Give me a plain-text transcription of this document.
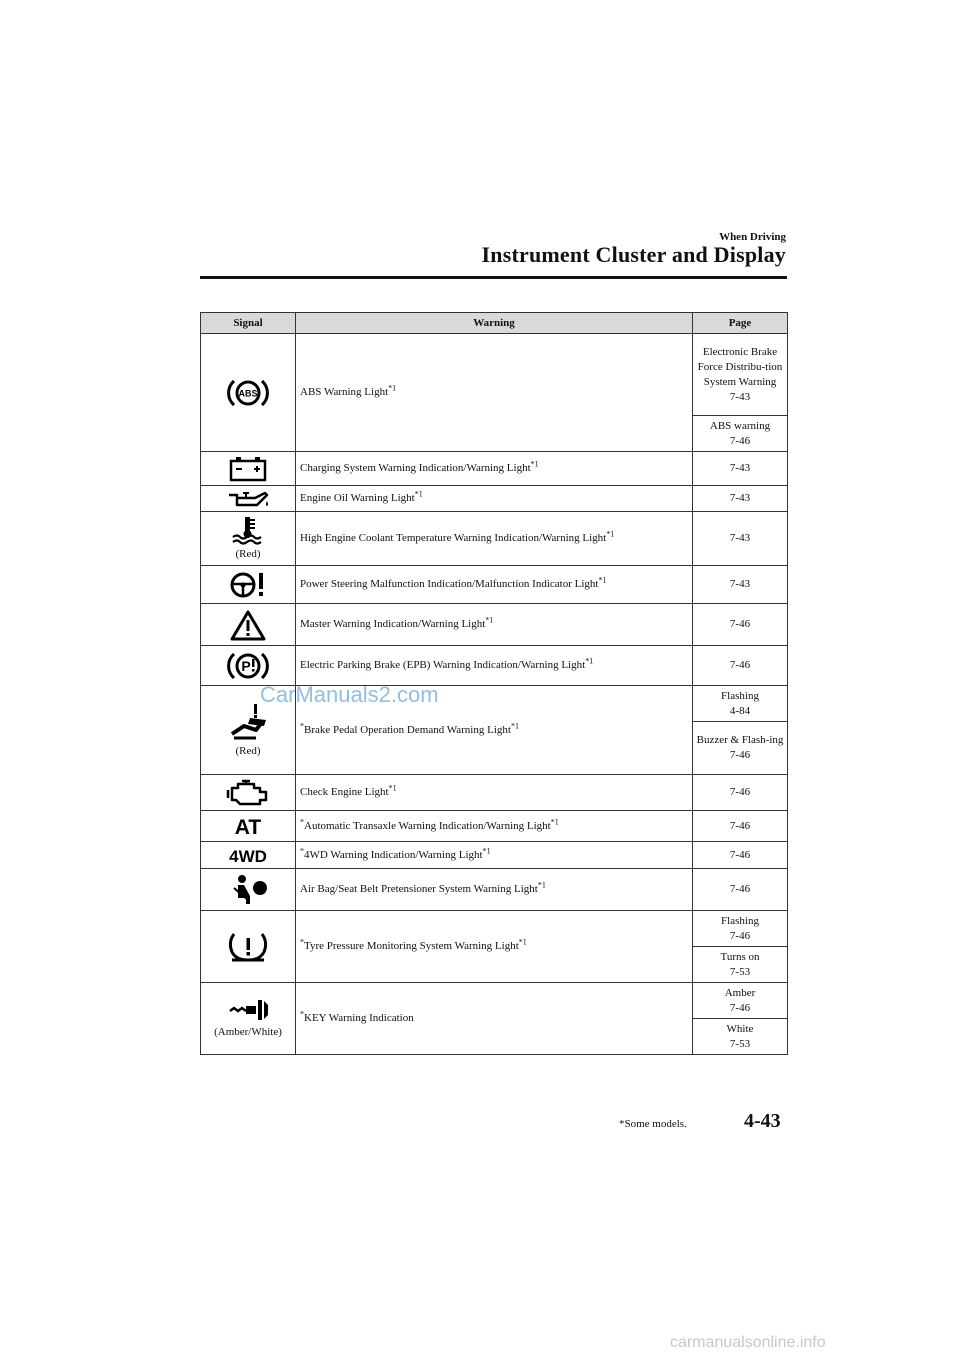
When Driving
Instrument Cluster and Display
Signal	Warning	Page

ABS	ABS Warning Light$^{*1}$	Electronic Brake Force Distribu-tion System Warning
7-43

		ABS warning
7-46

	Charging System Warning Indication/Warning Light$^{*1}$	7-43

	Engine Oil Warning Light$^{*1}$	7-43

(Red)	High Engine Coolant Temperature Warning Indication/Warning Light$^{*1}$	7-43

	Power Steering Malfunction Indication/Malfunction Indicator Light$^{*1}$	7-43

	Master Warning Indication/Warning Light$^{*1}$	7-46

P	Electric Parking Brake (EPB) Warning Indication/Warning Light$^{*1}$	7-46

(Red)	*Brake Pedal Operation Demand Warning Light$^{*1}$	Flashing
4-84

		Buzzer & Flash-ing
7-46

	Check Engine Light$^{*1}$	7-46

AT	*Automatic Transaxle Warning Indication/Warning Light$^{*1}$	7-46

4WD	*4WD Warning Indication/Warning Light$^{*1}$	7-46

	Air Bag/Seat Belt Pretensioner System Warning Light$^{*1}$	7-46

	*Tyre Pressure Monitoring System Warning Light$^{*1}$	Flashing
7-46

		Turns on
7-53

(Amber/White)	*KEY Warning Indication	Amber
7-46

		White
7-53
CarManuals2.com
*Some models.	4-43
carmanualsonline.info
